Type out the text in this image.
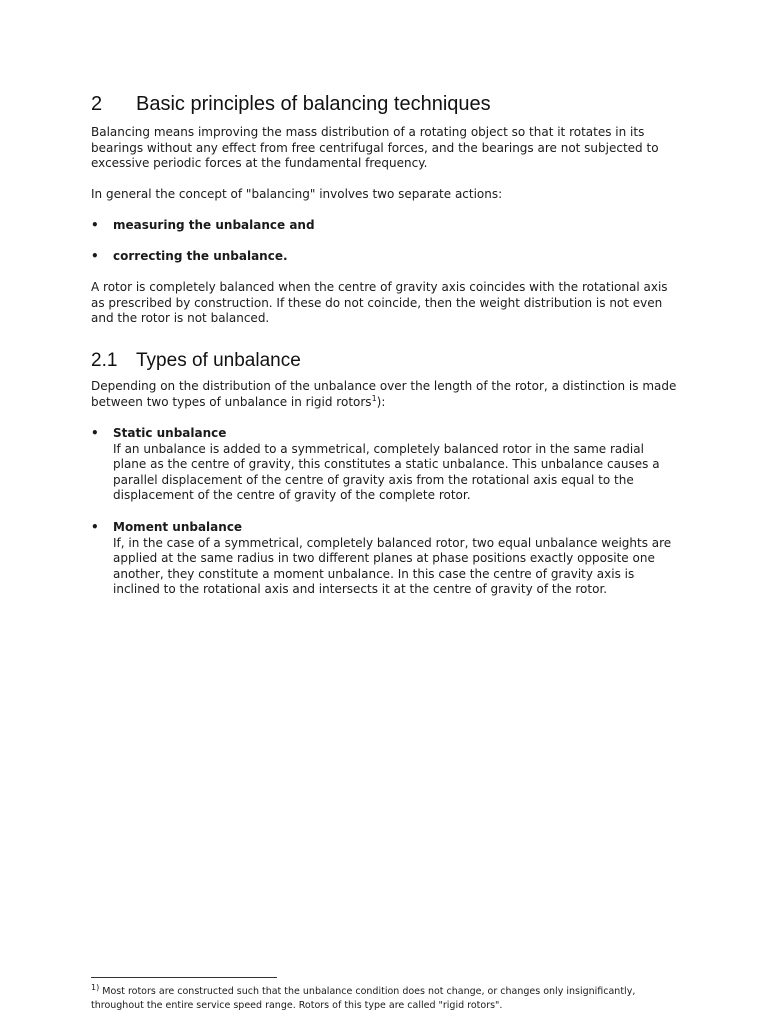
2 Basic principles of balancing techniques

Balancing means improving the mass distribution of a rotating object so that it rotates in its bearings without any effect from free centrifugal forces, and the bearings are not subjected to excessive periodic forces at the fundamental frequency.

In general the concept of "balancing" involves two separate actions:

• measuring the unbalance and
• correcting the unbalance.

A rotor is completely balanced when the centre of gravity axis coincides with the rotational axis as prescribed by construction. If these do not coincide, then the weight distribution is not even and the rotor is not balanced.

2.1 Types of unbalance

Depending on the distribution of the unbalance over the length of the rotor, a distinction is made between two types of unbalance in rigid rotors$^1$):

• Static unbalance
If an unbalance is added to a symmetrical, completely balanced rotor in the same radial plane as the centre of gravity, this constitutes a static unbalance. This unbalance causes a parallel displacement of the centre of gravity axis from the rotational axis equal to the displacement of the centre of gravity of the complete rotor.
• Moment unbalance
If, in the case of a symmetrical, completely balanced rotor, two equal unbalance weights are applied at the same radius in two different planes at phase positions exactly opposite one another, they constitute a moment unbalance. In this case the centre of gravity axis is inclined to the rotational axis and intersects it at the centre of gravity of the rotor.
$^{1)}$ Most rotors are constructed such that the unbalance condition does not change, or changes only insignificantly, throughout the entire service speed range. Rotors of this type are called "rigid rotors".
